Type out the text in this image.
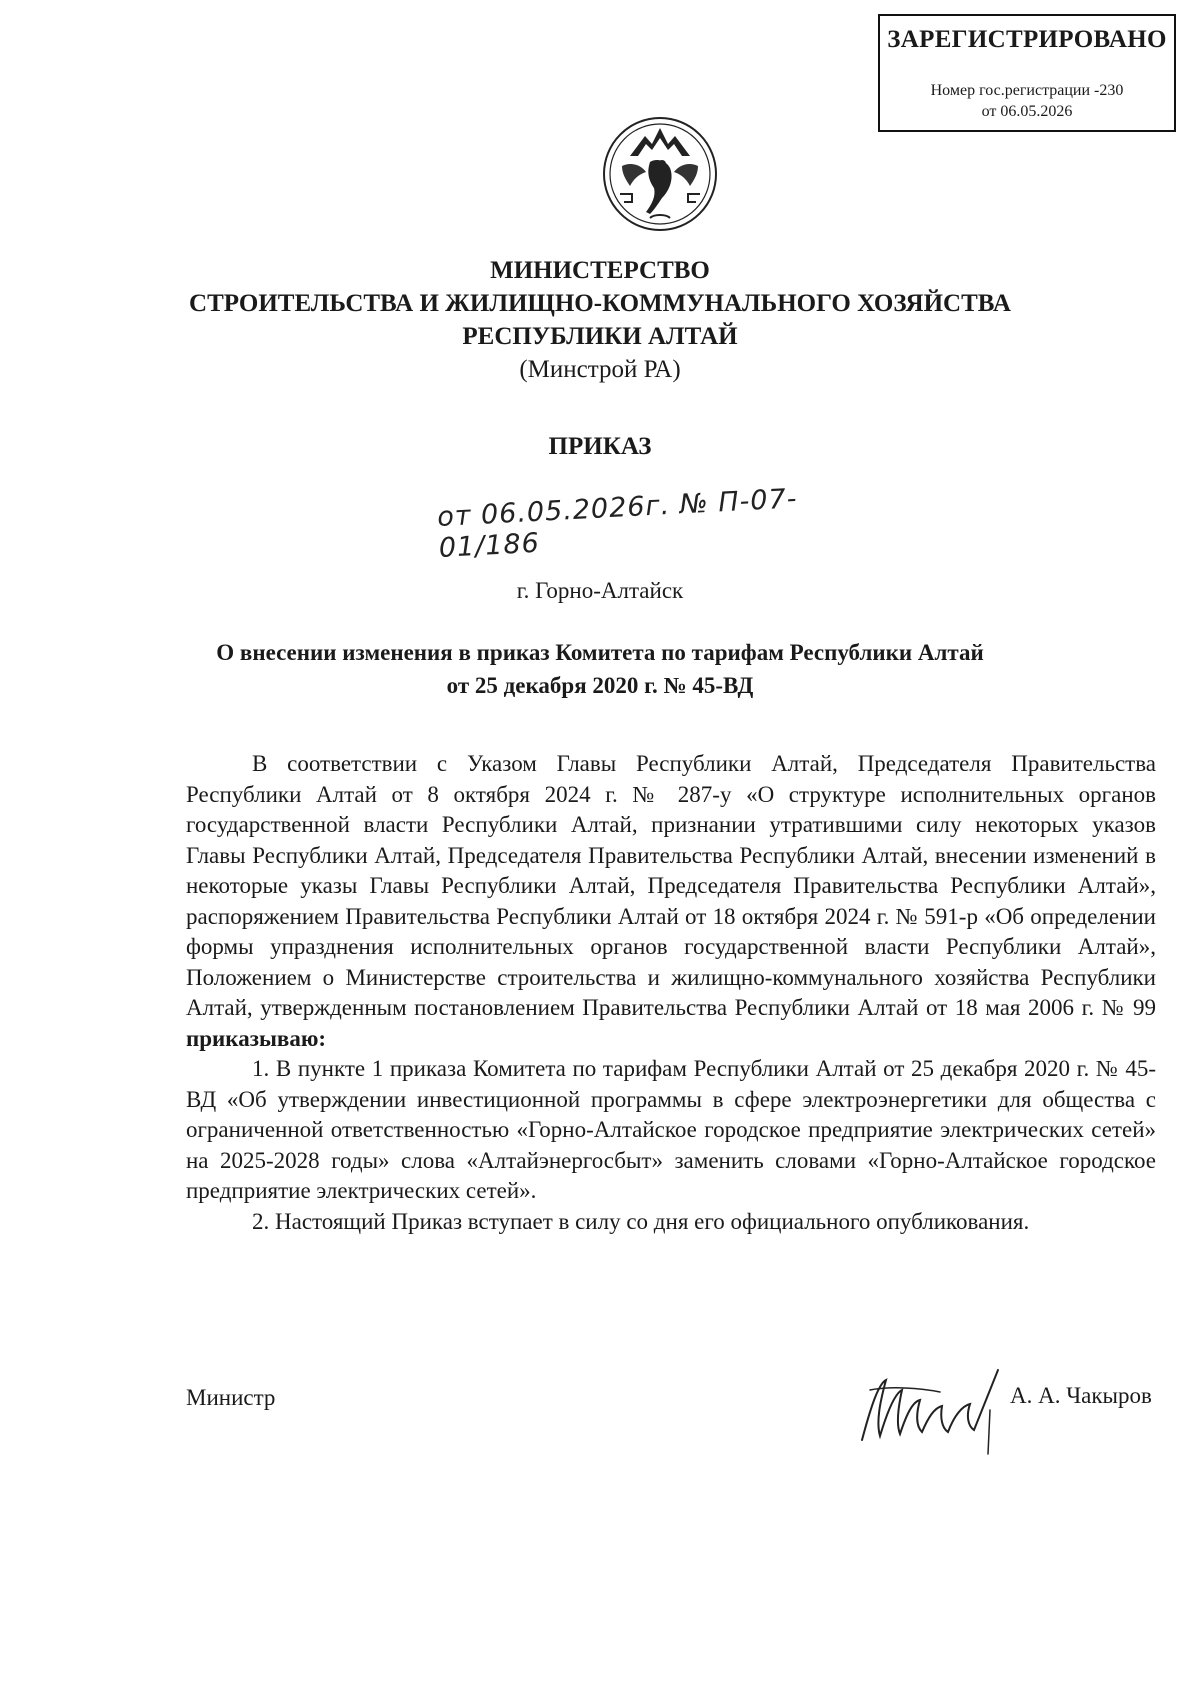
ЗАРЕГИСТРИРОВАНО
Номер гос.регистрации -230
от 06.05.2026
МИНИСТЕРСТВО
СТРОИТЕЛЬСТВА И ЖИЛИЩНО-КОММУНАЛЬНОГО ХОЗЯЙСТВА
РЕСПУБЛИКИ АЛТАЙ
(Минстрой РА)
ПРИКАЗ
от 06.05.2026г. № П-07-01/186
г. Горно-Алтайск
О внесении изменения в приказ Комитета по тарифам Республики Алтай
от 25 декабря 2020 г. № 45-ВД

В соответствии с Указом Главы Республики Алтай, Председателя Правительства Республики Алтай от 8 октября 2024 г. № 287-у «О структуре исполнительных органов государственной власти Республики Алтай, признании утратившими силу некоторых указов Главы Республики Алтай, Председателя Правительства Республики Алтай, внесении изменений в некоторые указы Главы Республики Алтай, Председателя Правительства Республики Алтай», распоряжением Правительства Республики Алтай от 18 октября 2024 г. № 591-р «Об определении формы упразднения исполнительных органов государственной власти Республики Алтай», Положением о Министерстве строительства и жилищно-коммунального хозяйства Республики Алтай, утвержденным постановлением Правительства Республики Алтай от 18 мая 2006 г. № 99 приказываю:

1. В пункте 1 приказа Комитета по тарифам Республики Алтай от 25 декабря 2020 г. № 45-ВД «Об утверждении инвестиционной программы в сфере электроэнергетики для общества с ограниченной ответственностью «Горно-Алтайское городское предприятие электрических сетей» на 2025-2028 годы» слова «Алтайэнергосбыт» заменить словами «Горно-Алтайское городское предприятие электрических сетей».

2. Настоящий Приказ вступает в силу со дня его официального опубликования.

Министр	А. А. Чакыров
